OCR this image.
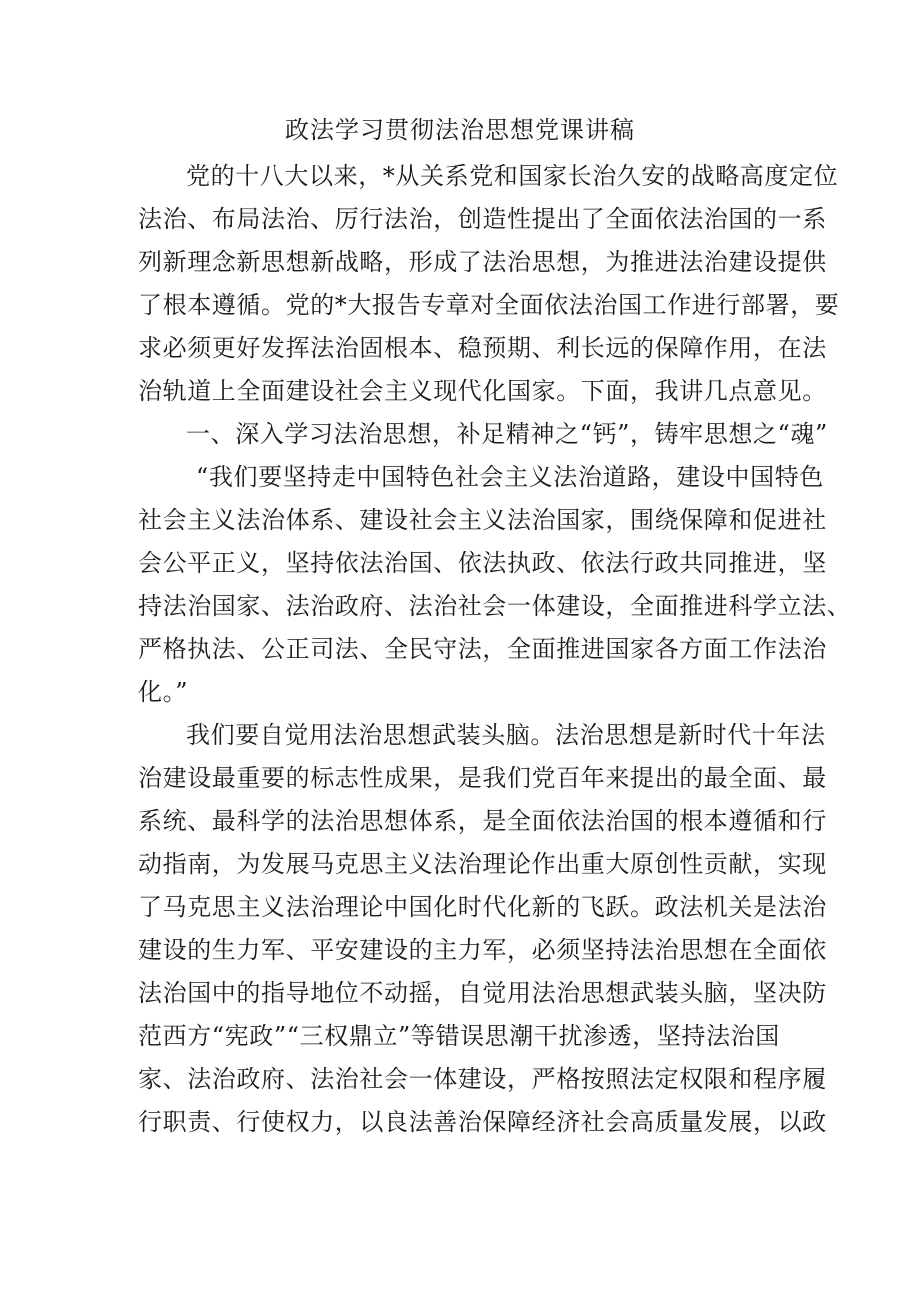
政法学习贯彻法治思想党课讲稿
党的十八大以来，*从关系党和国家长治久安的战略高度定位
法治、布局法治、厉行法治，创造性提出了全面依法治国的一系
列新理念新思想新战略，形成了法治思想，为推进法治建设提供
了根本遵循。党的*大报告专章对全面依法治国工作进行部署，要
求必须更好发挥法治固根本、稳预期、利长远的保障作用，在法
治轨道上全面建设社会主义现代化国家。下面，我讲几点意见。
一、深入学习法治思想，补足精神之“钙”，铸牢思想之“魂”
“我们要坚持走中国特色社会主义法治道路，建设中国特色
社会主义法治体系、建设社会主义法治国家，围绕保障和促进社
会公平正义，坚持依法治国、依法执政、依法行政共同推进，坚
持法治国家、法治政府、法治社会一体建设，全面推进科学立法、
严格执法、公正司法、全民守法，全面推进国家各方面工作法治
化。”
我们要自觉用法治思想武装头脑。法治思想是新时代十年法
治建设最重要的标志性成果，是我们党百年来提出的最全面、最
系统、最科学的法治思想体系，是全面依法治国的根本遵循和行
动指南，为发展马克思主义法治理论作出重大原创性贡献，实现
了马克思主义法治理论中国化时代化新的飞跃。政法机关是法治
建设的生力军、平安建设的主力军，必须坚持法治思想在全面依
法治国中的指导地位不动摇，自觉用法治思想武装头脑，坚决防
范西方“宪政”“三权鼎立”等错误思潮干扰渗透，坚持法治国
家、法治政府、法治社会一体建设，严格按照法定权限和程序履
行职责、行使权力，以良法善治保障经济社会高质量发展，以政
